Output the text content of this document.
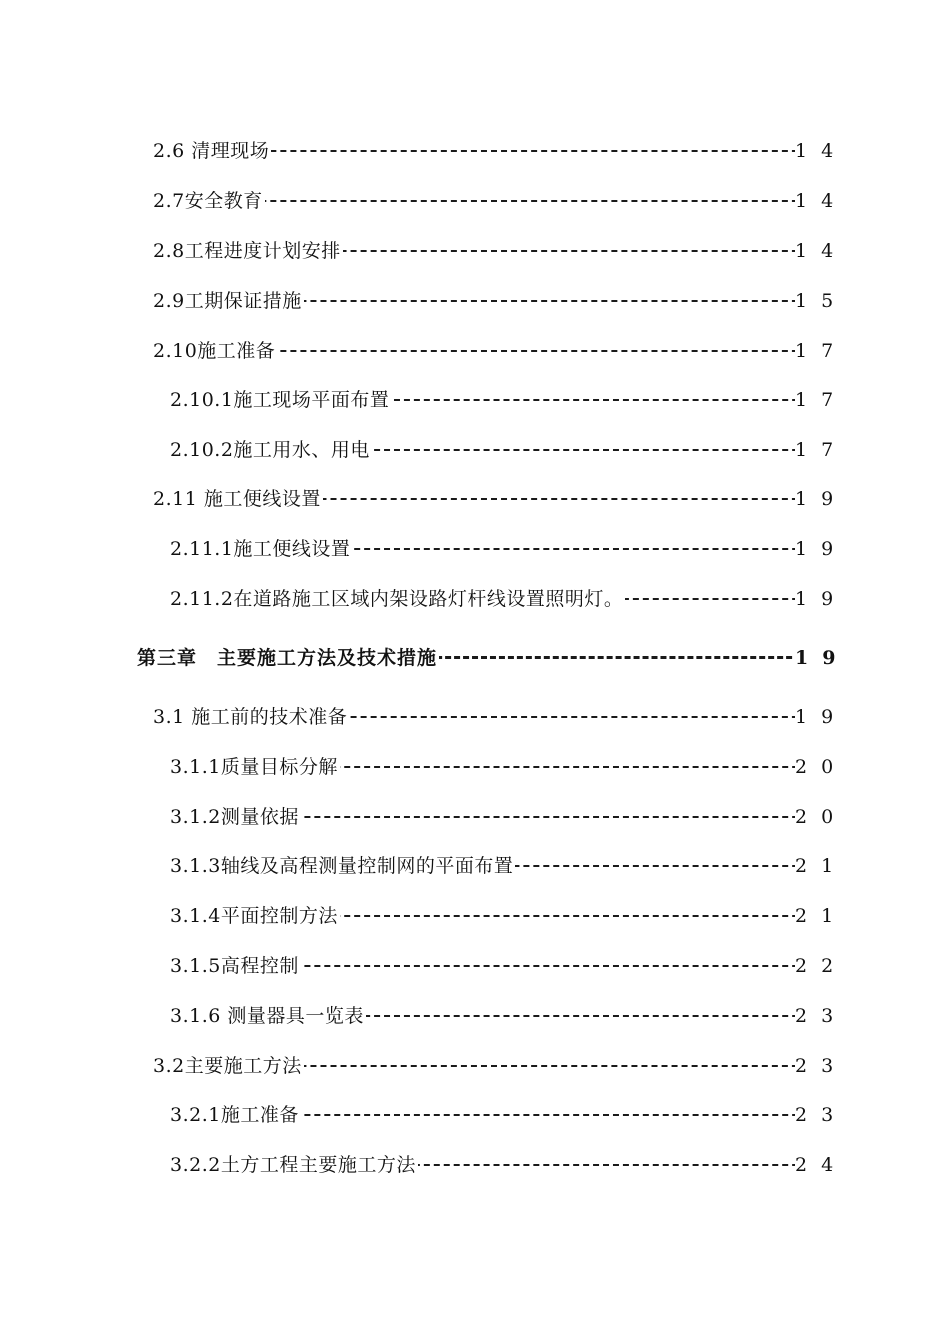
2.6 清理现场	14
2.7安全教育	14
2.8工程进度计划安排	14
2.9工期保证措施	15
2.10施工准备	17
2.10.1施工现场平面布置	17
2.10.2施工用水、用电	17
2.11 施工便线设置	19
2.11.1施工便线设置	19
2.11.2在道路施工区域内架设路灯杆线设置照明灯。	19
第三章　主要施工方法及技术措施	19
3.1 施工前的技术准备	19
3.1.1质量目标分解	20
3.1.2测量依据	20
3.1.3轴线及高程测量控制网的平面布置	21
3.1.4平面控制方法	21
3.1.5高程控制	22
3.1.6 测量器具一览表	23
3.2主要施工方法	23
3.2.1施工准备	23
3.2.2土方工程主要施工方法	24
